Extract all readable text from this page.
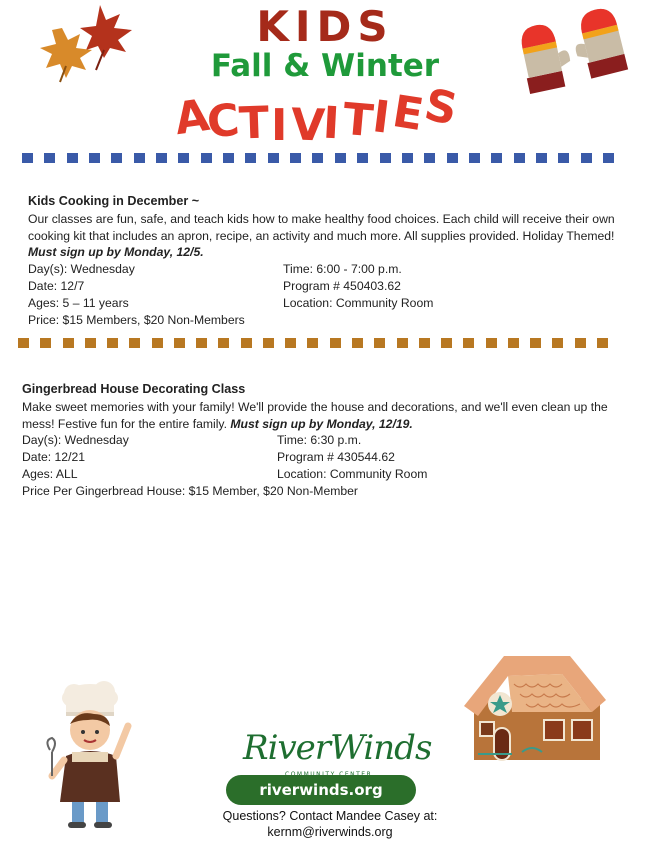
KIDS
Fall & Winter
A
C
T I V
I T
I
E
S
Kids Cooking in December ~
Our classes are fun, safe, and teach kids how to make healthy food choices. Each child will receive their own cooking kit that includes an apron, recipe, an activity and much more. All supplies provided. Holiday Themed! Must sign up by Monday, 12/5.
Day(s): Wednesday	Time: 6:00 - 7:00 p.m.
Date: 12/7	Program # 450403.62
Ages: 5 – 11 years	Location: Community Room
Price: $15 Members, $20 Non-Members
Gingerbread House Decorating Class
Make sweet memories with your family! We'll provide the house and decorations, and we'll even clean up the mess! Festive fun for the entire family. Must sign up by Monday, 12/19.
Day(s): Wednesday	Time: 6:30 p.m.
Date: 12/21	Program # 430544.62
Ages: ALL	Location: Community Room
Price Per Gingerbread House: $15 Member, $20 Non-Member
RiverWinds
riverwinds.org
Questions? Contact Mandee Casey at:
kernm@riverwinds.org
